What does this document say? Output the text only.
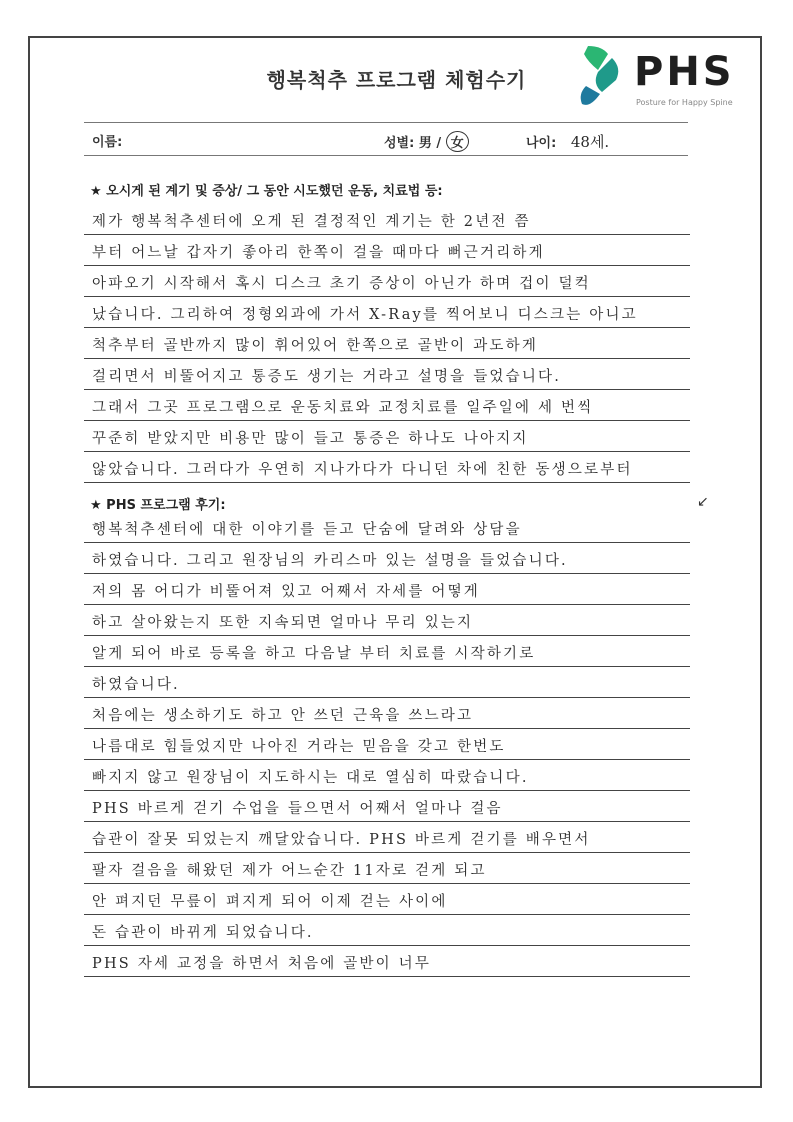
행복척추 프로그램 체험수기	PHS
Posture for Happy Spine
이름:	성별: 男 / 女	나이: 48세.
★ 오시게 된 계기 및 증상/ 그 동안 시도했던 운동, 치료법 등:
제가 행복척추센터에 오게 된 결정적인 계기는 한 2년전 쯤
부터 어느날 갑자기 좋아리 한쪽이 걸을 때마다 뻐근거리하게
아파오기 시작해서 혹시 디스크 초기 증상이 아닌가 하며 겁이 덜컥
났습니다. 그리하여 정형외과에 가서 X-Ray를 찍어보니 디스크는 아니고
척추부터 골반까지 많이 휘어있어 한쪽으로 골반이 과도하게
걸리면서 비뚤어지고 통증도 생기는 거라고 설명을 들었습니다.
그래서 그곳 프로그램으로 운동치료와 교정치료를 일주일에 세 번씩
꾸준히 받았지만 비용만 많이 들고 통증은 하나도 나아지지
않았습니다. 그러다가 우연히 지나가다가 다니던 차에 친한 동생으로부터
↙
★ PHS 프로그램 후기:
행복척추센터에 대한 이야기를 듣고 단숨에 달려와 상담을
하였습니다. 그리고 원장님의 카리스마 있는 설명을 들었습니다.
저의 몸 어디가 비뚤어져 있고 어째서 자세를 어떻게
하고 살아왔는지 또한 지속되면 얼마나 무리 있는지
알게 되어 바로 등록을 하고 다음날 부터 치료를 시작하기로
하였습니다.
처음에는 생소하기도 하고 안 쓰던 근육을 쓰느라고
나름대로 힘들었지만 나아진 거라는 믿음을 갖고 한번도
빠지지 않고 원장님이 지도하시는 대로 열심히 따랐습니다.
PHS 바르게 걷기 수업을 들으면서 어째서 얼마나 걸음
습관이 잘못 되었는지 깨달았습니다. PHS 바르게 걷기를 배우면서
팔자 걸음을 해왔던 제가 어느순간 11자로 걷게 되고
안 펴지던 무릎이 펴지게 되어 이제 걷는 사이에
돈 습관이 바뀌게 되었습니다.
PHS 자세 교정을 하면서 처음에 골반이 너무
